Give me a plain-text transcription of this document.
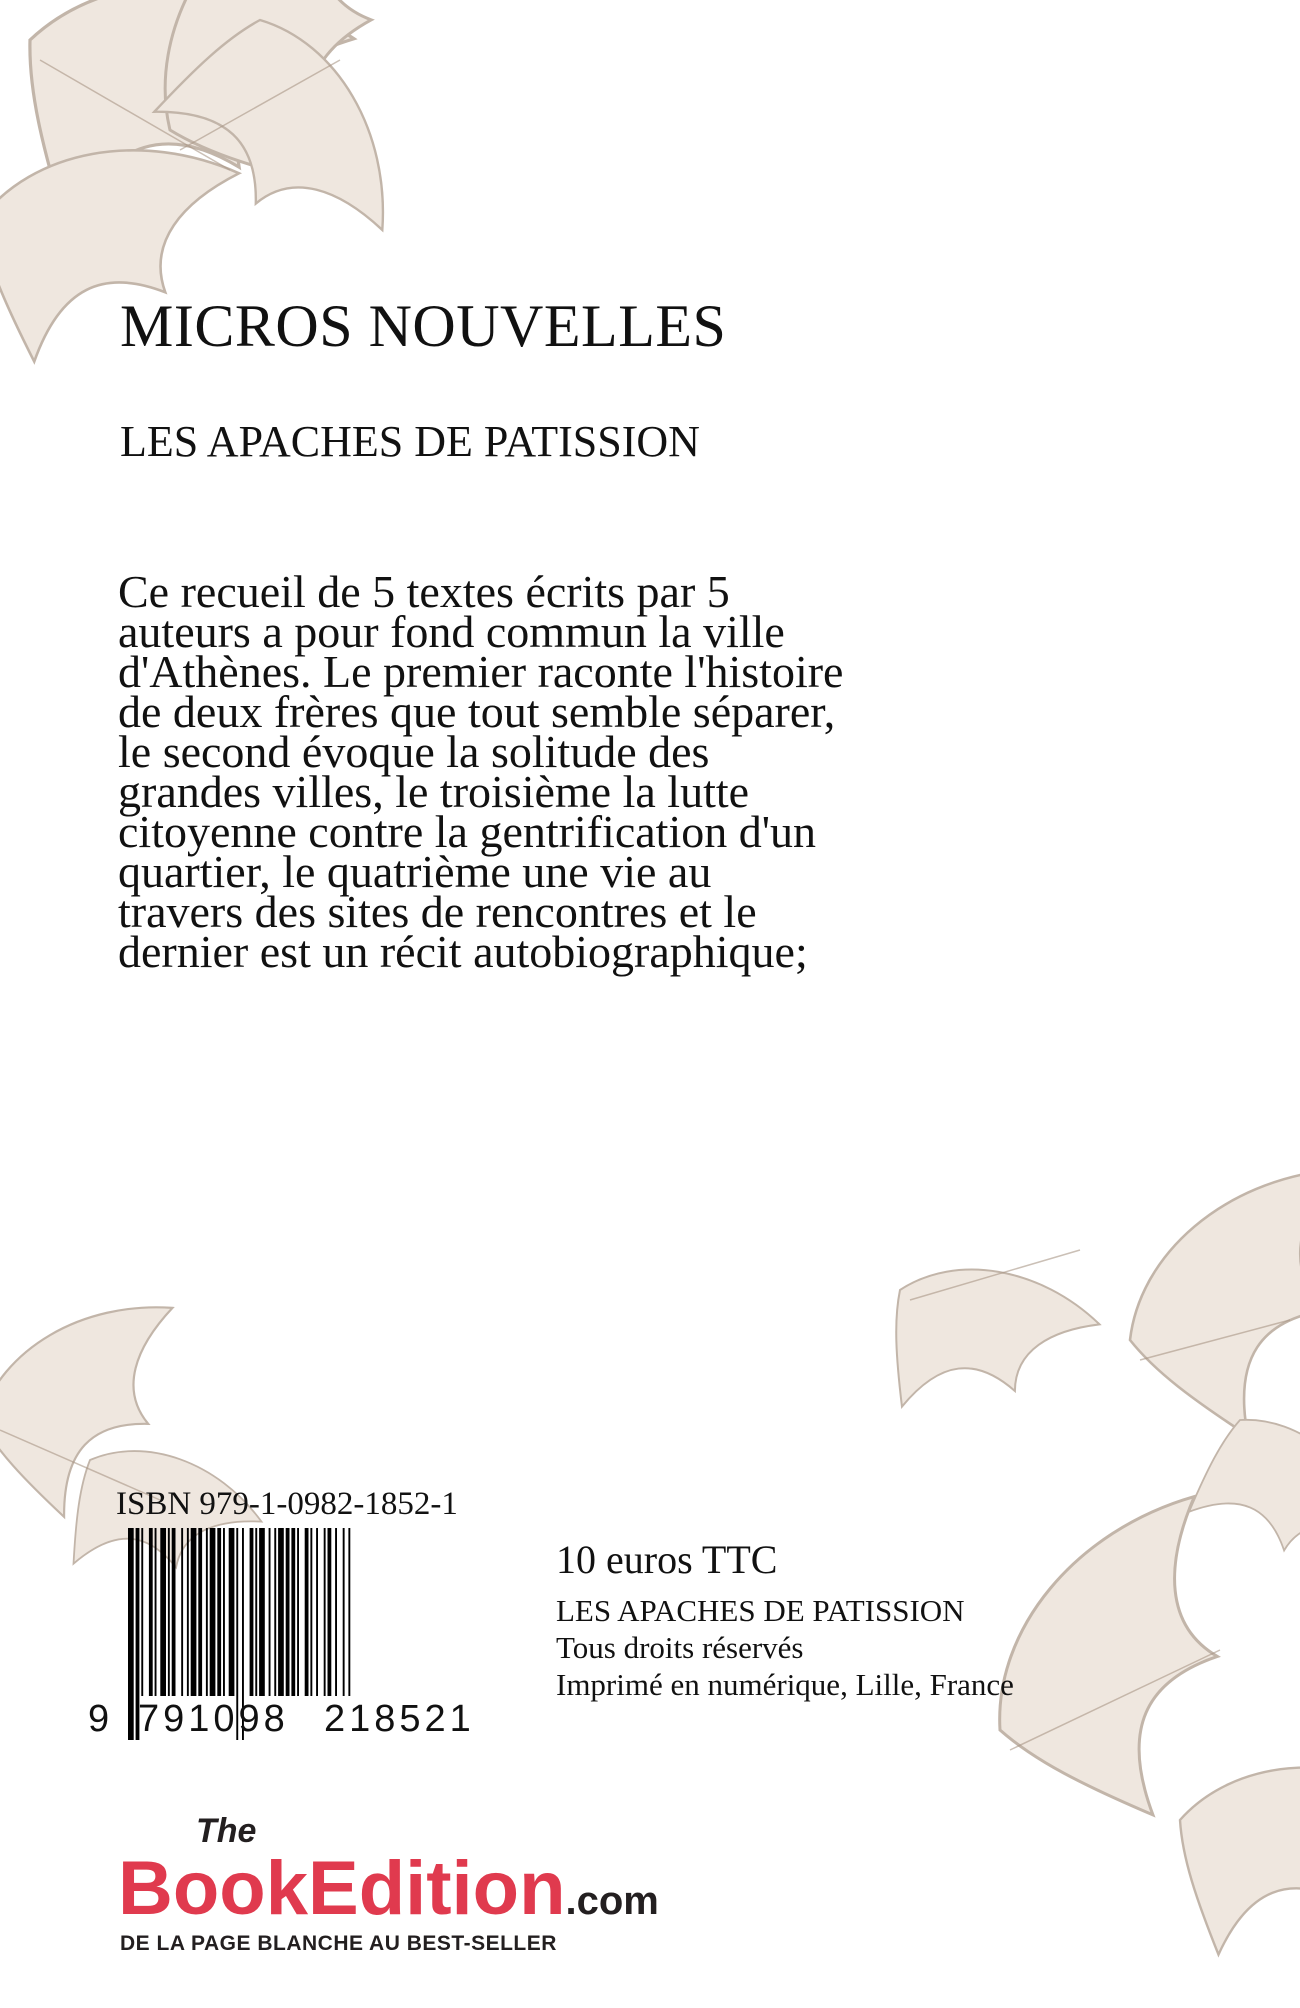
MICROS NOUVELLES
LES APACHES DE PATISSION
Ce recueil de 5 textes écrits par 5
auteurs a pour fond commun la ville
d'Athènes. Le premier raconte l'histoire
de deux frères que tout semble séparer,
le second évoque la solitude des
grandes villes, le troisième la lutte
citoyenne contre la gentrification d'un
quartier, le quatrième une vie au
travers des sites de rencontres et le
dernier est un récit autobiographique;
ISBN 979-1-0982-1852-1
9 791098 218521
10 euros TTC
LES APACHES DE PATISSION
Tous droits réservés
Imprimé en numérique, Lille, France
The
BookEdition.com
DE LA PAGE BLANCHE AU BEST-SELLER
